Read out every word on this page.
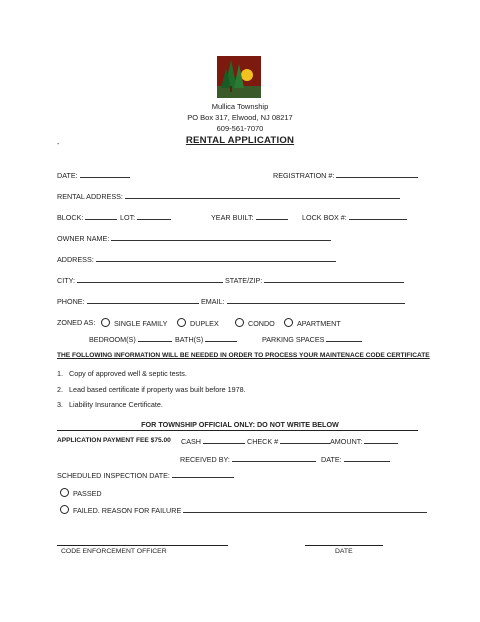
Mullica Township
PO Box 317, Elwood, NJ 08217
609-561-7070
RENTAL APPLICATION
-
DATE:	REGISTRATION #:
RENTAL ADDRESS:
BLOCK:	LOT:	YEAR BUILT:	LOCK BOX #:
OWNER NAME:
ADDRESS:
CITY:	STATE/ZIP:
PHONE:	EMAIL:
ZONED AS:	SINGLE FAMILY	DUPLEX	CONDO	APARTMENT
BEDROOM(S)	BATH(S)	PARKING SPACES
THE FOLLOWING INFORMATION WILL BE NEEDED IN ORDER TO PROCESS YOUR MAINTENACE CODE CERTIFICATE
1. Copy of approved well & septic tests.
2. Lead based certificate if property was built before 1978.
3. Liability Insurance Certificate.
FOR TOWNSHIP OFFICIAL ONLY: DO NOT WRITE BELOW
APPLICATION PAYMENT FEE $75.00 CASH	CHECK #	AMOUNT:
RECEIVED BY:	DATE:
SCHEDULED INSPECTION DATE:
PASSED
FAILED. REASON FOR FAILURE
CODE ENFORCEMENT OFFICER	DATE
